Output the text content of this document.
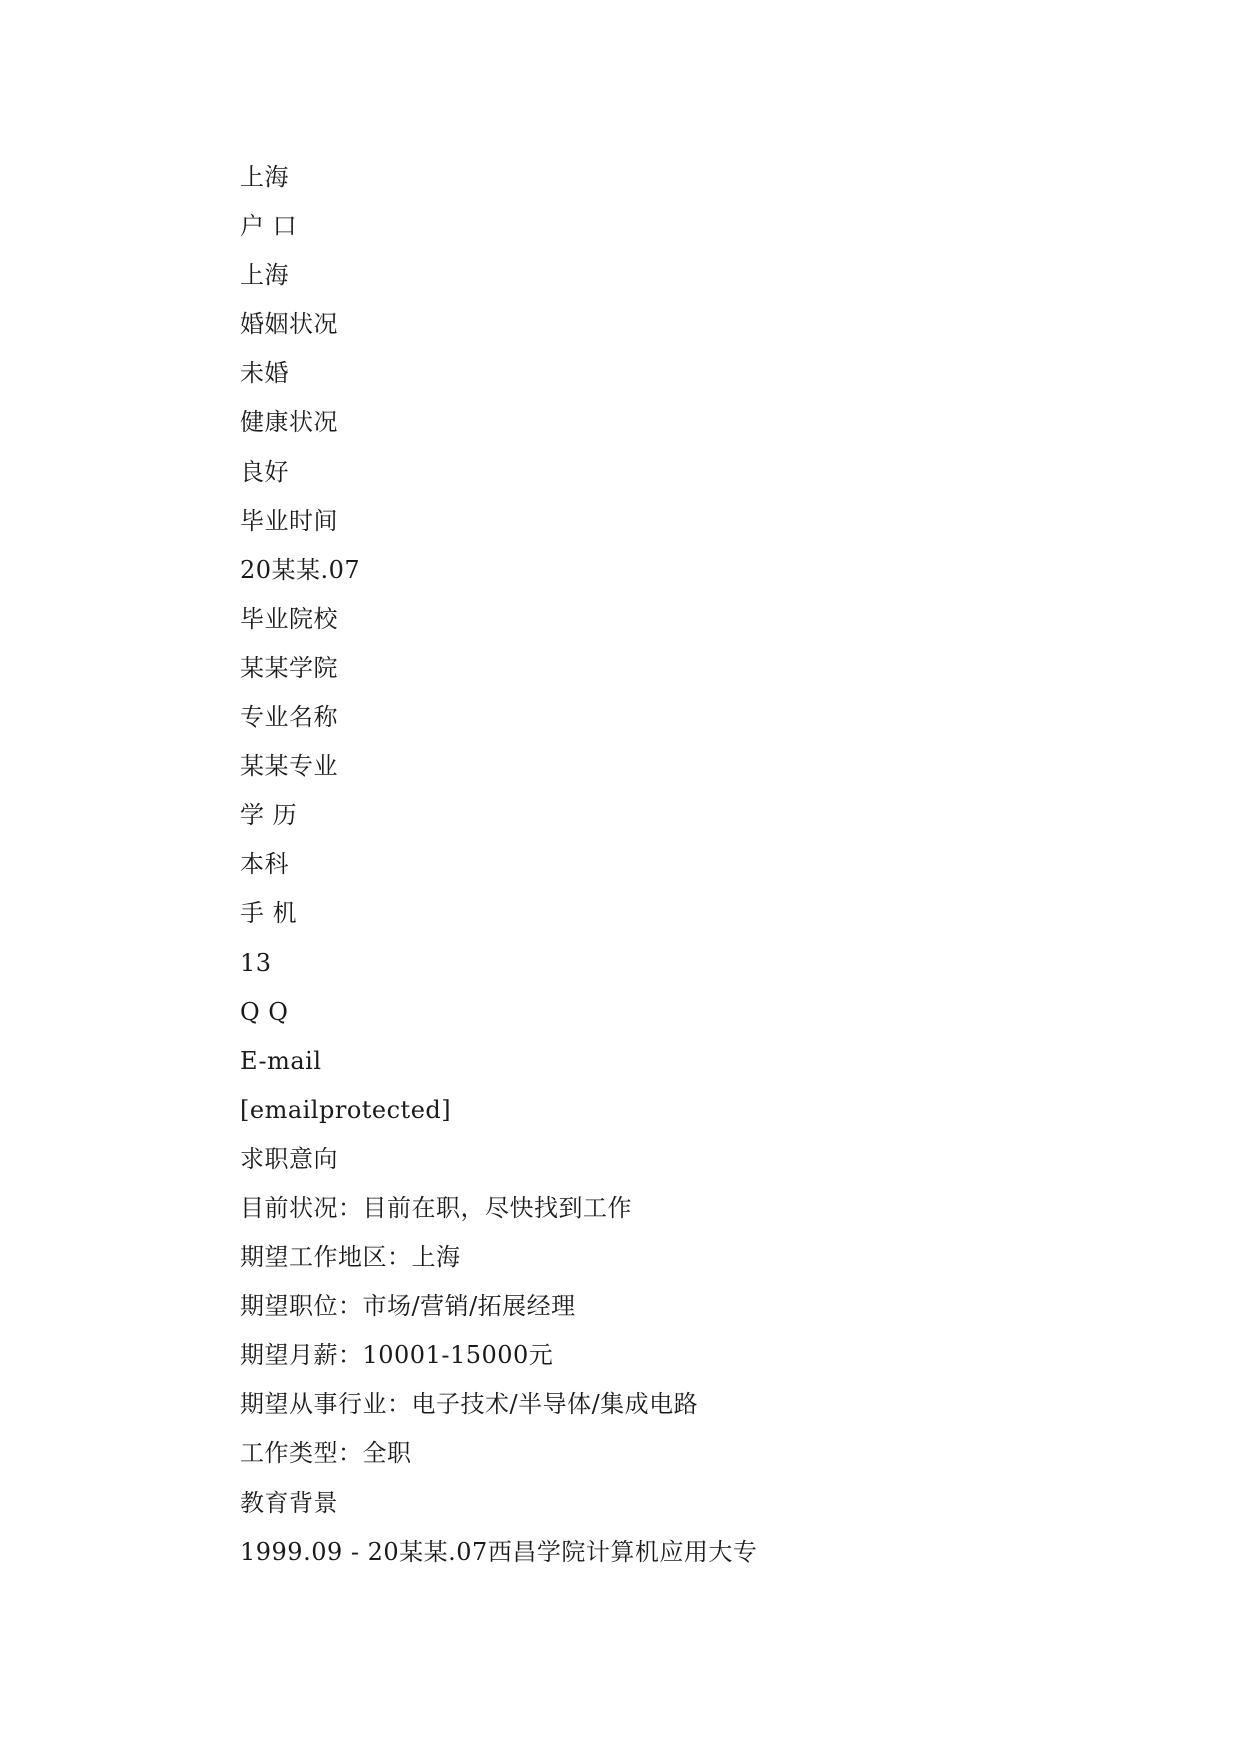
上海
户 口
上海
婚姻状况
未婚
健康状况
良好
毕业时间
20某某.07
毕业院校
某某学院
专业名称
某某专业
学 历
本科
手 机
13
Q Q
E-mail
[emailprotected]
求职意向
目前状况：目前在职，尽快找到工作
期望工作地区：上海
期望职位：市场/营销/拓展经理
期望月薪：10001-15000元
期望从事行业：电子技术/半导体/集成电路
工作类型：全职
教育背景
1999.09 - 20某某.07西昌学院计算机应用大专
